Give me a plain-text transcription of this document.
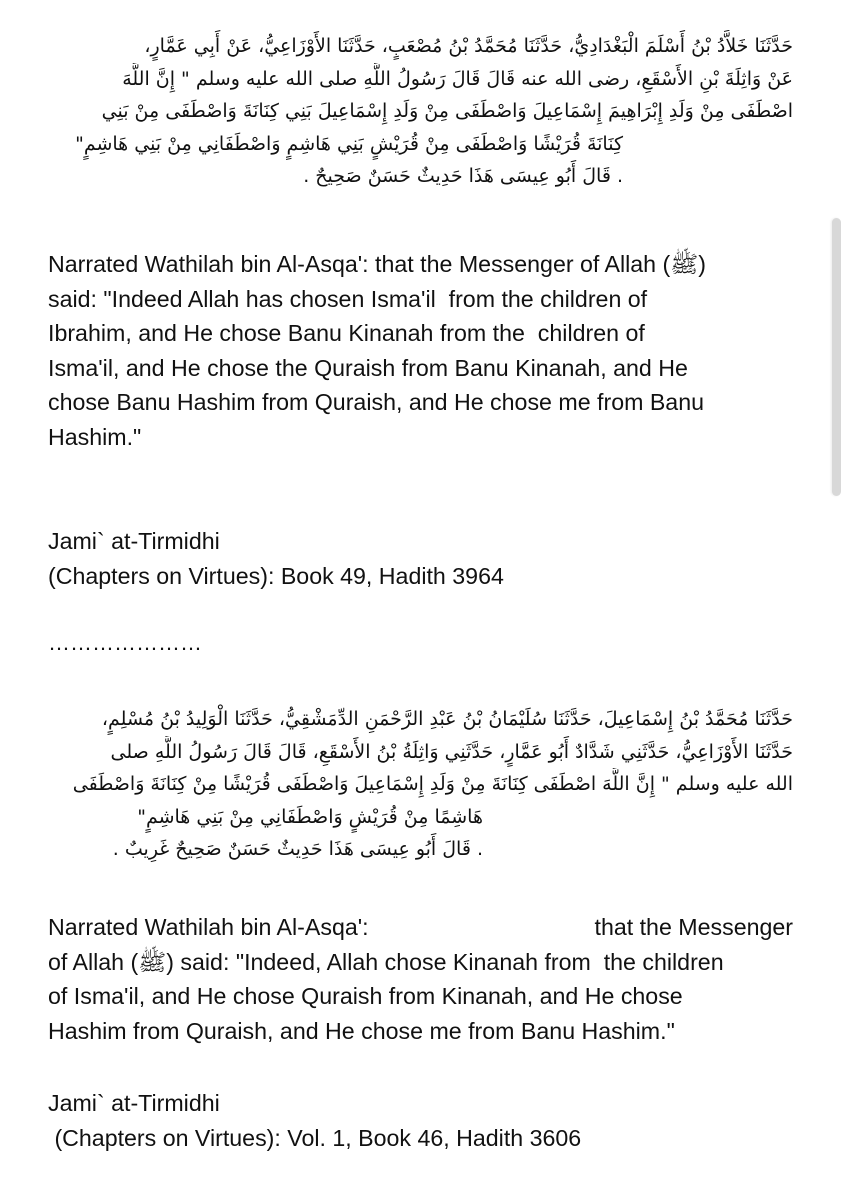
حَدَّثَنَا خَلاَّدُ بْنُ أَسْلَمَ الْبَغْدَادِيُّ، حَدَّثَنَا مُحَمَّدُ بْنُ مُصْعَبٍ، حَدَّثَنَا الأَوْزَاعِيُّ، عَنْ أَبِي عَمَّارٍ،
عَنْ وَاثِلَةَ بْنِ الأَسْقَعِ، رضى الله عنه قَالَ قَالَ رَسُولُ اللَّهِ صلى الله عليه وسلم " إِنَّ اللَّهَ
اصْطَفَى مِنْ وَلَدِ إِبْرَاهِيمَ إِسْمَاعِيلَ وَاصْطَفَى مِنْ وَلَدِ إِسْمَاعِيلَ بَنِي كِنَانَةَ وَاصْطَفَى مِنْ بَنِي
كِنَانَةَ قُرَيْشًا وَاصْطَفَى مِنْ قُرَيْشٍ بَنِي هَاشِمٍ وَاصْطَفَانِي مِنْ بَنِي هَاشِمٍ"
. قَالَ أَبُو عِيسَى هَذَا حَدِيثٌ حَسَنٌ صَحِيحٌ .
Narrated Wathilah bin Al-Asqa': that the Messenger of Allah (ﷺ)
said: "Indeed Allah has chosen Isma'il  from the children of
Ibrahim, and He chose Banu Kinanah from the  children of
Isma'il, and He chose the Quraish from Banu Kinanah, and He
chose Banu Hashim from Quraish, and He chose me from Banu
Hashim."
Jami` at-Tirmidhi
(Chapters on Virtues): Book 49, Hadith 3964
…………………
حَدَّثَنَا مُحَمَّدُ بْنُ إِسْمَاعِيلَ، حَدَّثَنَا سُلَيْمَانُ بْنُ عَبْدِ الرَّحْمَنِ الدِّمَشْقِيُّ، حَدَّثَنَا الْوَلِيدُ بْنُ مُسْلِمٍ،
حَدَّثَنَا الأَوْزَاعِيُّ، حَدَّثَنِي شَدَّادٌ أَبُو عَمَّارٍ، حَدَّثَنِي وَاثِلَةُ بْنُ الأَسْقَعِ، قَالَ قَالَ رَسُولُ اللَّهِ صلى
الله عليه وسلم " إِنَّ اللَّهَ اصْطَفَى كِنَانَةَ مِنْ وَلَدِ إِسْمَاعِيلَ وَاصْطَفَى قُرَيْشًا مِنْ كِنَانَةَ وَاصْطَفَى
هَاشِمًا مِنْ قُرَيْشٍ وَاصْطَفَانِي مِنْ بَنِي هَاشِمٍ"
. قَالَ أَبُو عِيسَى هَذَا حَدِيثٌ حَسَنٌ صَحِيحٌ غَرِيبٌ .
Narrated Wathilah bin Al-Asqa':	that the Messenger
of Allah (ﷺ) said: "Indeed, Allah chose Kinanah from  the children
of Isma'il, and He chose Quraish from Kinanah, and He chose
Hashim from Quraish, and He chose me from Banu Hashim."
Jami` at-Tirmidhi
(Chapters on Virtues): Vol. 1, Book 46, Hadith 3606
